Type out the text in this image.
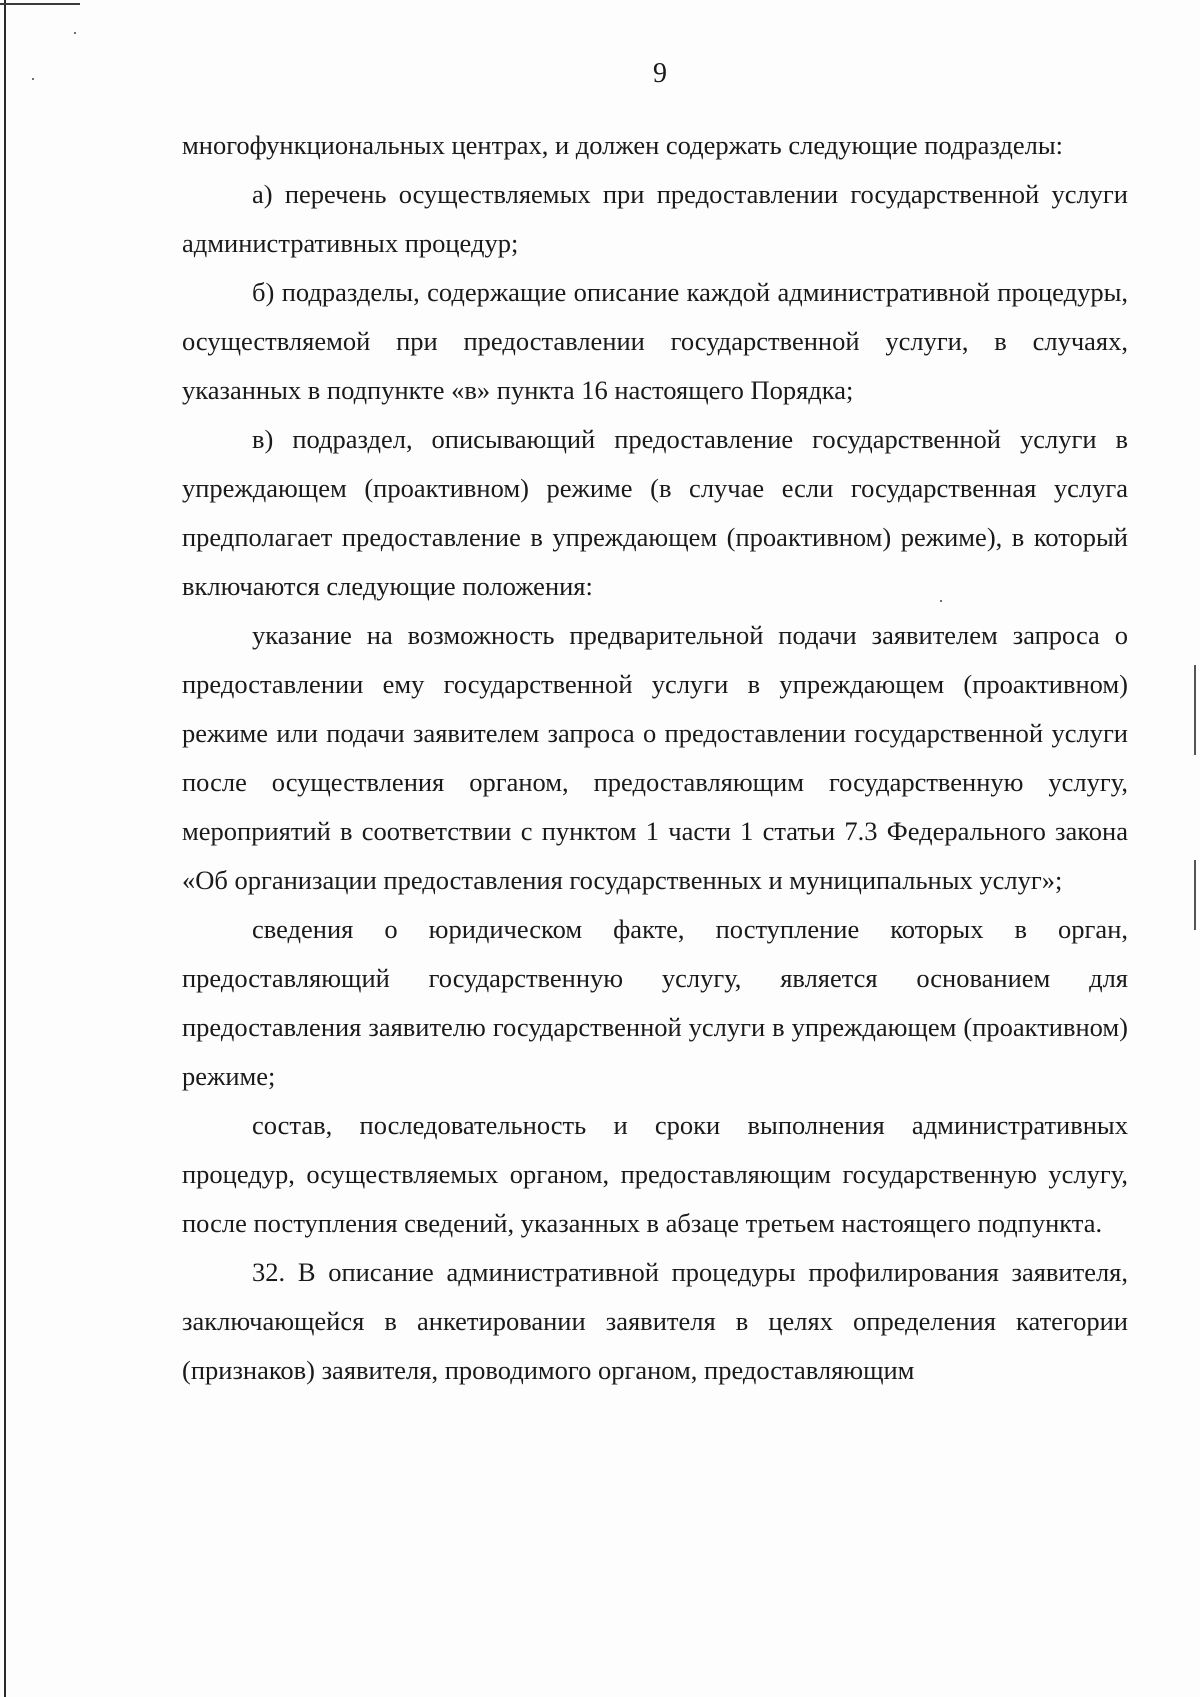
9

многофункциональных центрах, и должен содержать следующие подразделы:

а) перечень осуществляемых при предоставлении государственной услуги административных процедур;

б) подразделы, содержащие описание каждой административной процедуры, осуществляемой при предоставлении государственной услуги, в случаях, указанных в подпункте «в» пункта 16 настоящего Порядка;

в) подраздел, описывающий предоставление государственной услуги в упреждающем (проактивном) режиме (в случае если государственная услуга предполагает предоставление в упреждающем (проактивном) режиме), в который включаются следующие положения:

указание на возможность предварительной подачи заявителем запроса о предоставлении ему государственной услуги в упреждающем (проактивном) режиме или подачи заявителем запроса о предоставлении государственной услуги после осуществления органом, предоставляющим государственную услугу, мероприятий в соответствии с пунктом 1 части 1 статьи 7.3 Федерального закона «Об организации предоставления государственных и муниципальных услуг»;

сведения о юридическом факте, поступление которых в орган, предоставляющий государственную услугу, является основанием для предоставления заявителю государственной услуги в упреждающем (проактивном) режиме;

состав, последовательность и сроки выполнения административных процедур, осуществляемых органом, предоставляющим государственную услугу, после поступления сведений, указанных в абзаце третьем настоящего подпункта.

32. В описание административной процедуры профилирования заявителя, заключающейся в анкетировании заявителя в целях определения категории (признаков) заявителя, проводимого органом, предоставляющим
